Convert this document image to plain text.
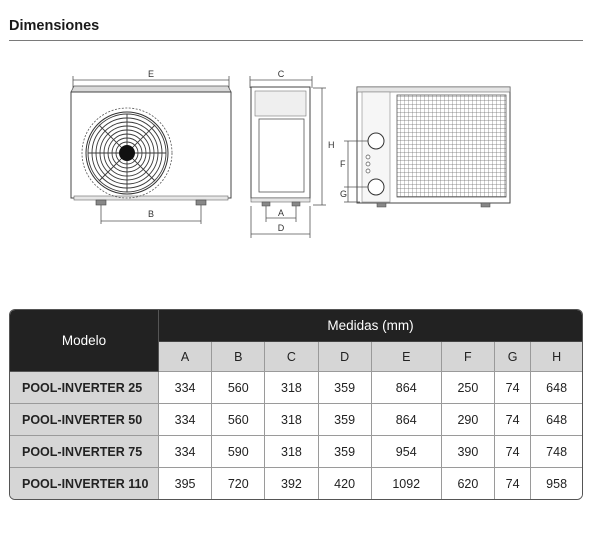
Dimensiones
E
B
C
H
A
D
F
G
Modelo	Medidas (mm)							
	A	B	C	D	E	F	G	H
POOL-INVERTER 25	334	560	318	359	864	250	74	648
POOL-INVERTER 50	334	560	318	359	864	290	74	648
POOL-INVERTER 75	334	590	318	359	954	390	74	748
POOL-INVERTER 110	395	720	392	420	1092	620	74	958
